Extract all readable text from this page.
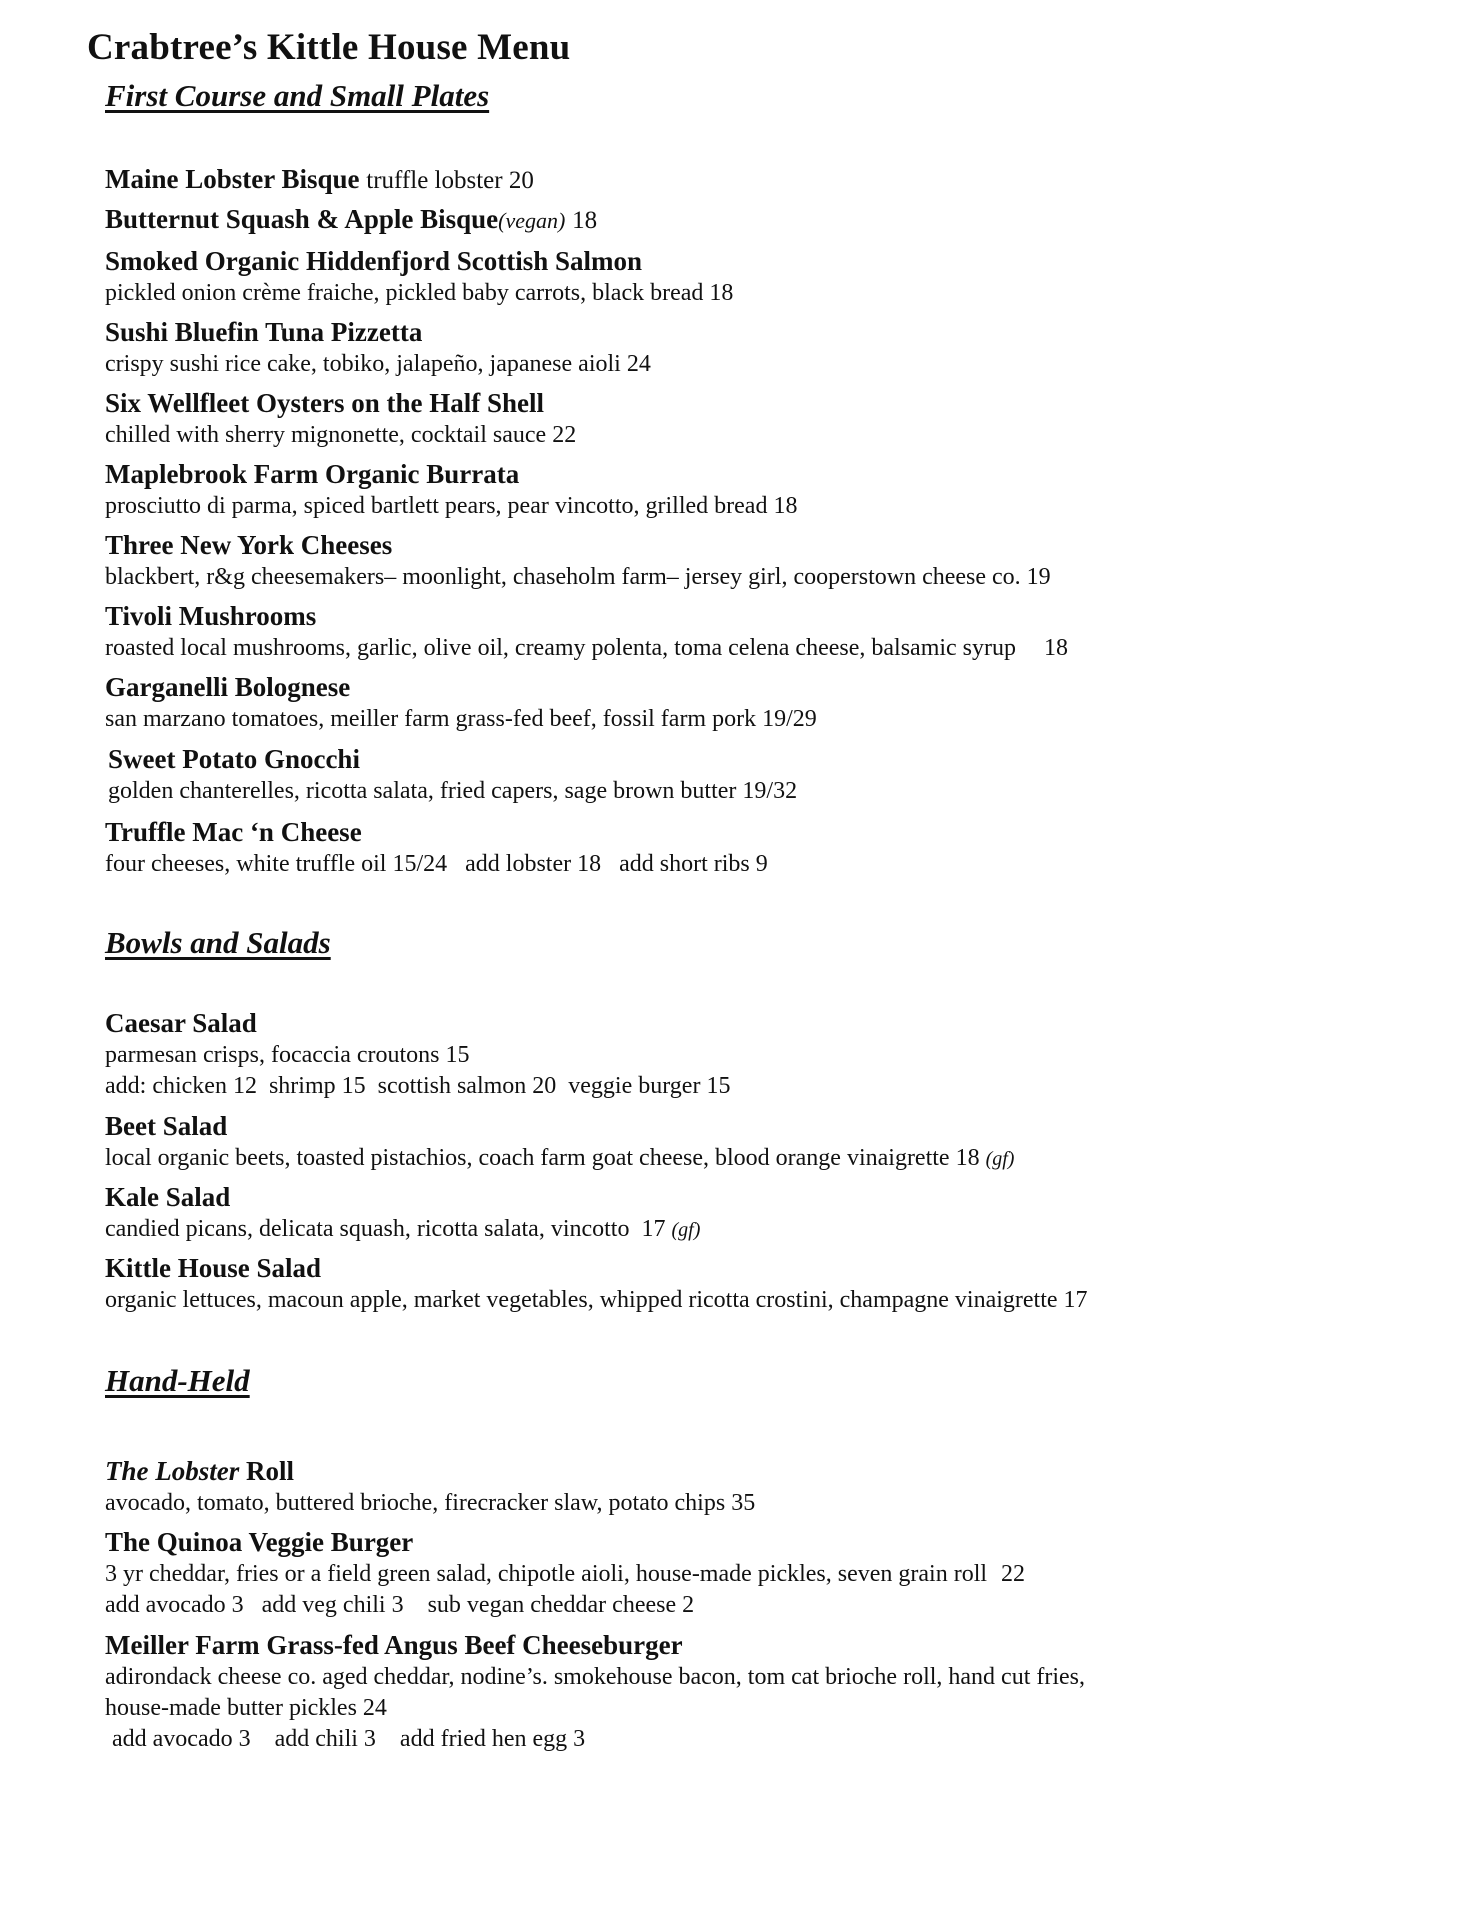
Crabtree’s Kittle House Menu
First Course and Small Plates
Maine Lobster Bisque truffle lobster 20
Butternut Squash & Apple Bisque(vegan) 18
Smoked Organic Hiddenfjord Scottish Salmon
pickled onion crème fraiche, pickled baby carrots, black bread 18
Sushi Bluefin Tuna Pizzetta
crispy sushi rice cake, tobiko, jalapeño, japanese aioli 24
Six Wellfleet Oysters on the Half Shell
chilled with sherry mignonette, cocktail sauce 22
Maplebrook Farm Organic Burrata
prosciutto di parma, spiced bartlett pears, pear vincotto, grilled bread 18
Three New York Cheeses
blackbert, r&g cheesemakers– moonlight, chaseholm farm– jersey girl, cooperstown cheese co. 19
Tivoli Mushrooms
roasted local mushrooms, garlic, olive oil, creamy polenta, toma celena cheese, balsamic syrup 18
Garganelli Bolognese
san marzano tomatoes, meiller farm grass-fed beef, fossil farm pork 19/29
Sweet Potato Gnocchi
golden chanterelles, ricotta salata, fried capers, sage brown butter 19/32
Truffle Mac ‘n Cheese
four cheeses, white truffle oil 15/24   add lobster 18   add short ribs 9
Bowls and Salads
Caesar Salad
parmesan crisps, focaccia croutons 15
add: chicken 12  shrimp 15  scottish salmon 20  veggie burger 15
Beet Salad
local organic beets, toasted pistachios, coach farm goat cheese, blood orange vinaigrette 18 (gf)
Kale Salad
candied picans, delicata squash, ricotta salata, vincotto  17 (gf)
Kittle House Salad
organic lettuces, macoun apple, market vegetables, whipped ricotta crostini, champagne vinaigrette 17
Hand-Held
The Lobster Roll
avocado, tomato, buttered brioche, firecracker slaw, potato chips 35
The Quinoa Veggie Burger
3 yr cheddar, fries or a field green salad, chipotle aioli, house-made pickles, seven grain roll 22
add avocado 3   add veg chili 3    sub vegan cheddar cheese 2
Meiller Farm Grass-fed Angus Beef Cheeseburger
adirondack cheese co. aged cheddar, nodine’s. smokehouse bacon, tom cat brioche roll, hand cut fries,
house-made butter pickles 24
add avocado 3    add chili 3    add fried hen egg 3
